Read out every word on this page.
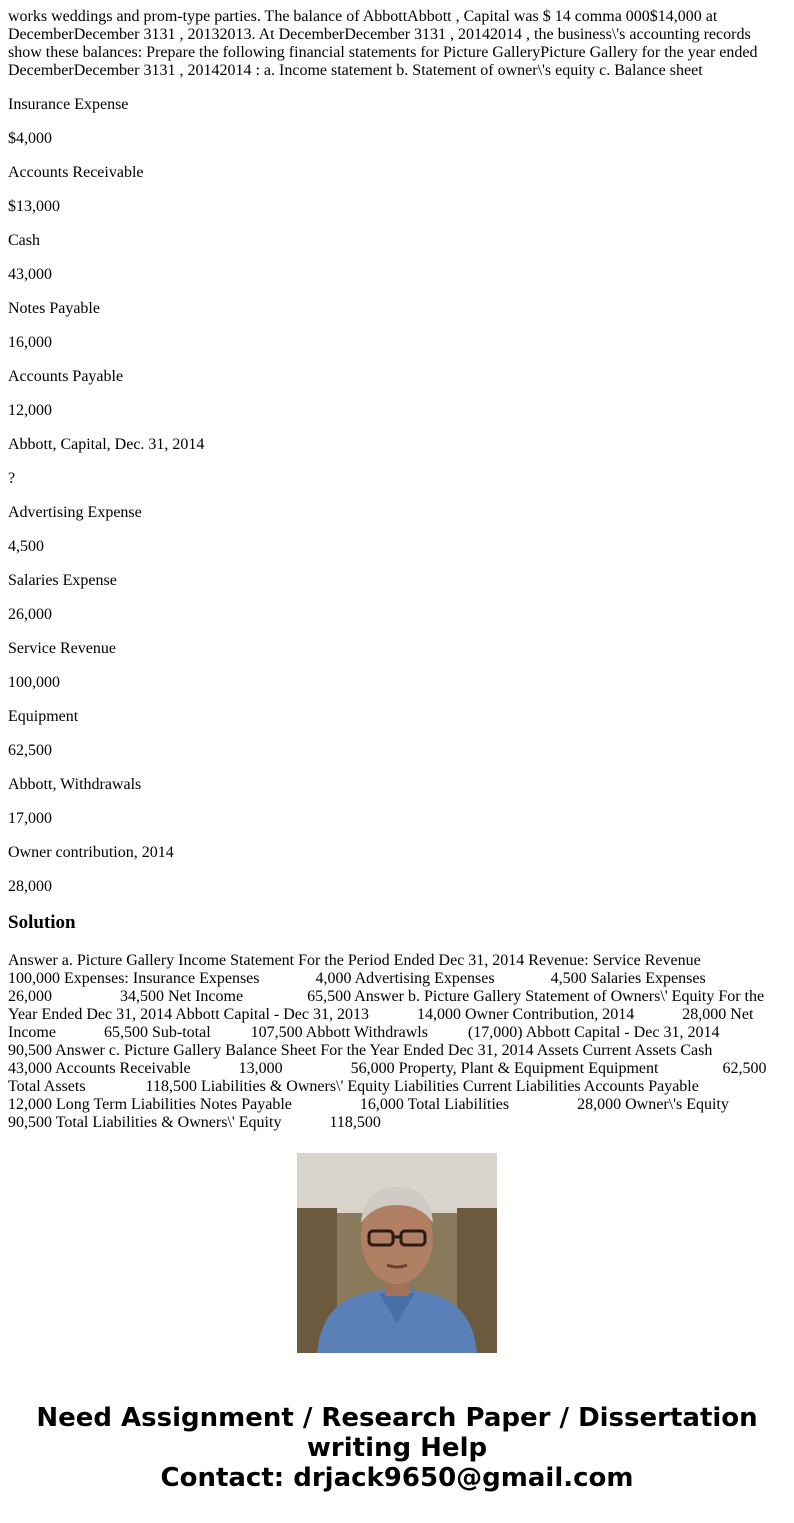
works weddings and prom-type parties. The balance of AbbottAbbott , Capital was $ 14 comma 000$14,000 at DecemberDecember 3131 , 20132013. At DecemberDecember 3131 , 20142014 , the business\'s accounting records show these balances: Prepare the following financial statements for Picture GalleryPicture Gallery for the year ended DecemberDecember 3131 , 20142014 : a. Income statement b. Statement of owner\'s equity c. Balance sheet

Insurance Expense

$4,000

Accounts Receivable

$13,000

Cash

43,000

Notes Payable

16,000

Accounts Payable

12,000

Abbott, Capital, Dec. 31, 2014

?

Advertising Expense

4,500

Salaries Expense

26,000

Service Revenue

100,000

Equipment

62,500

Abbott, Withdrawals

17,000

Owner contribution, 2014

28,000

Solution

Answer a. Picture Gallery Income Statement For the Period Ended Dec 31, 2014 Revenue: Service Revenue                     100,000 Expenses: Insurance Expenses              4,000 Advertising Expenses              4,500 Salaries Expenses              26,000                 34,500 Net Income                65,500 Answer b. Picture Gallery Statement of Owners\' Equity For the Year Ended Dec 31, 2014 Abbott Capital - Dec 31, 2013            14,000 Owner Contribution, 2014            28,000 Net Income            65,500 Sub-total          107,500 Abbott Withdrawls          (17,000) Abbott Capital - Dec 31, 2014            90,500 Answer c. Picture Gallery Balance Sheet For the Year Ended Dec 31, 2014 Assets Current Assets Cash             43,000 Accounts Receivable            13,000                 56,000 Property, Plant & Equipment Equipment                62,500 Total Assets               118,500 Liabilities & Owners\' Equity Liabilities Current Liabilities Accounts Payable             12,000 Long Term Liabilities Notes Payable                 16,000 Total Liabilities                 28,000 Owner\'s Equity               90,500 Total Liabilities & Owners\' Equity            118,500

Need Assignment / Research Paper / Dissertation
writing Help
Contact: drjack9650@gmail.com
